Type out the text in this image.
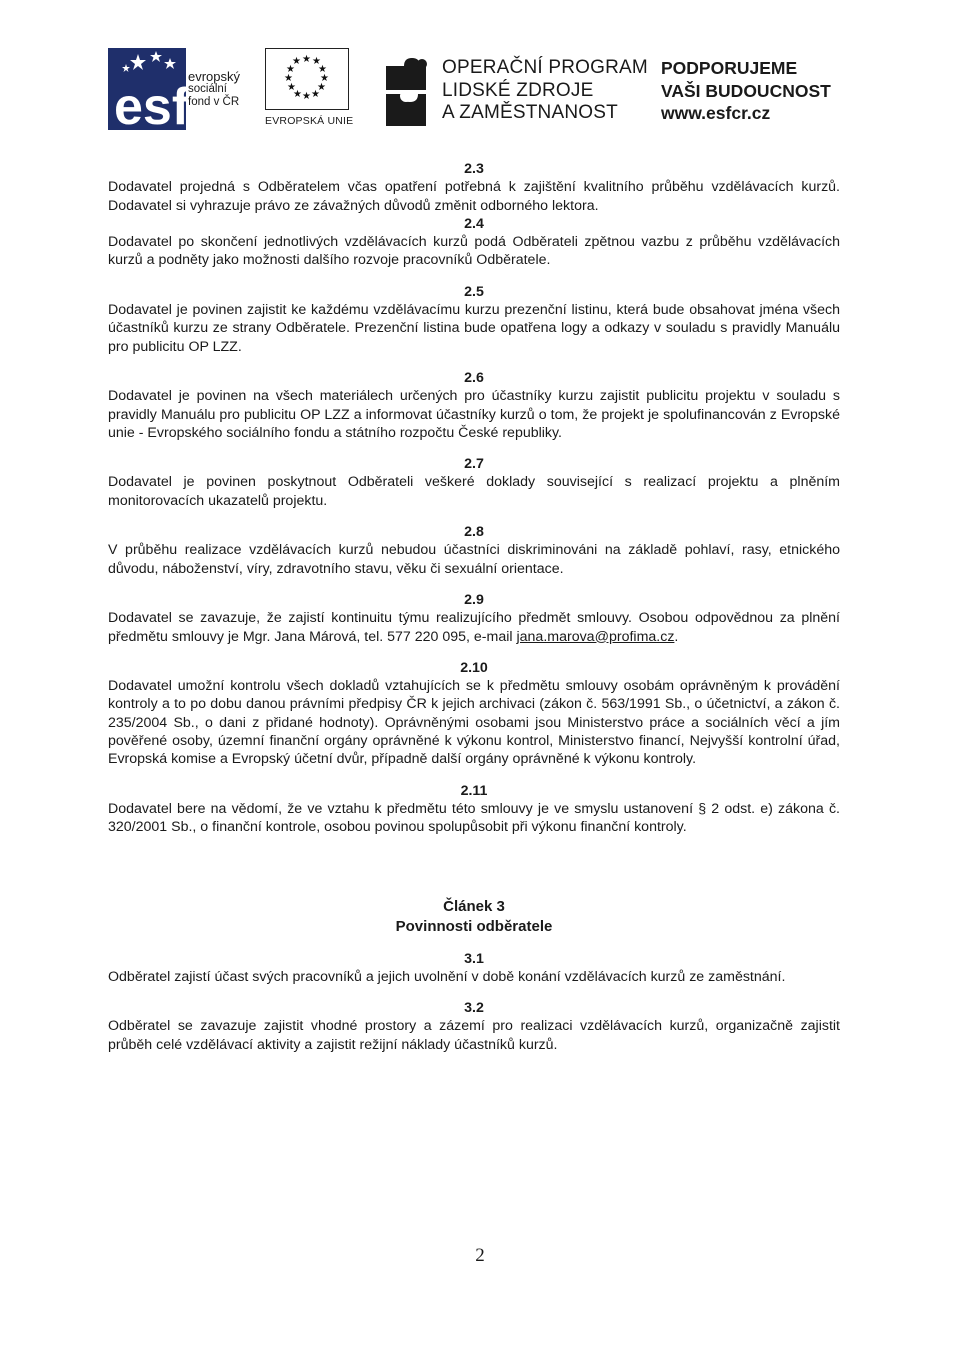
esf
evropský
sociální
fond v ČR
★ ★
★
★
★
★
★
★
★
★
★
★
EVROPSKÁ UNIE
OPERAČNÍ PROGRAM
LIDSKÉ ZDROJE
A ZAMĚSTNANOST
PODPORUJEME
VAŠI BUDOUCNOST
www.esfcr.cz
2.3

Dodavatel projedná s Odběratelem včas opatření potřebná k zajištění kvalitního průběhu vzdělávacích kurzů. Dodavatel si vyhrazuje právo ze závažných důvodů změnit odborného lektora.

2.4

Dodavatel po skončení jednotlivých vzdělávacích kurzů podá Odběrateli zpětnou vazbu z průběhu vzdělávacích kurzů a podněty jako možnosti dalšího rozvoje pracovníků Odběratele.

2.5

Dodavatel je povinen zajistit ke každému vzdělávacímu kurzu prezenční listinu, která bude obsahovat jména všech účastníků kurzu ze strany Odběratele. Prezenční listina bude opatřena logy a odkazy v souladu s pravidly Manuálu pro publicitu OP LZZ.

2.6

Dodavatel je povinen na všech materiálech určených pro účastníky kurzu zajistit publicitu projektu v souladu s pravidly Manuálu pro publicitu OP LZZ a informovat účastníky kurzů o tom, že projekt je spolufinancován z Evropské unie - Evropského sociálního fondu a státního rozpočtu České republiky.

2.7

Dodavatel je povinen poskytnout Odběrateli veškeré doklady související s realizací projektu a plněním monitorovacích ukazatelů projektu.

2.8

V průběhu realizace vzdělávacích kurzů nebudou účastníci diskriminováni na základě pohlaví, rasy, etnického důvodu, náboženství, víry, zdravotního stavu, věku či sexuální orientace.

2.9

Dodavatel se zavazuje, že zajistí kontinuitu týmu realizujícího předmět smlouvy. Osobou odpovědnou za plnění předmětu smlouvy je Mgr. Jana Márová, tel. 577 220 095, e-mail jana.marova@profima.cz.

2.10

Dodavatel umožní kontrolu všech dokladů vztahujících se k předmětu smlouvy osobám oprávněným k provádění kontroly a to po dobu danou právními předpisy ČR k jejich archivaci (zákon č. 563/1991 Sb., o účetnictví, a zákon č. 235/2004 Sb., o dani z přidané hodnoty). Oprávněnými osobami jsou Ministerstvo práce a sociálních věcí a jím pověřené osoby, územní finanční orgány oprávněné k výkonu kontrol, Ministerstvo financí, Nejvyšší kontrolní úřad, Evropská komise a Evropský účetní dvůr, případně další orgány oprávněné k výkonu kontroly.

2.11

Dodavatel bere na vědomí, že ve vztahu k předmětu této smlouvy je ve smyslu ustanovení § 2 odst. e) zákona č. 320/2001 Sb., o finanční kontrole, osobou povinou spolupůsobit při výkonu finanční kontroly.

Článek 3
Povinnosti odběratele
3.1

Odběratel zajistí účast svých pracovníků a jejich uvolnění v době konání vzdělávacích kurzů ze zaměstnání.

3.2

Odběratel se zavazuje zajistit vhodné prostory a zázemí pro realizaci vzdělávacích kurzů, organizačně zajistit průběh celé vzdělávací aktivity a zajistit režijní náklady účastníků kurzů.

2
